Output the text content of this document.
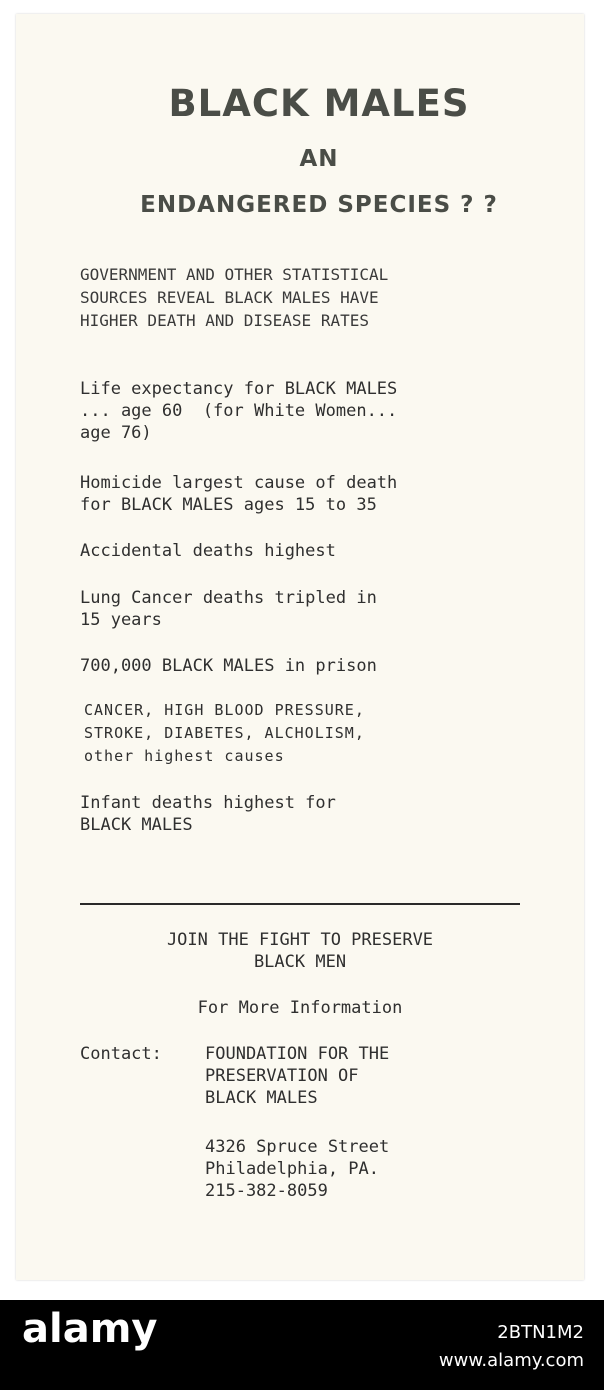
BLACK MALES
AN
ENDANGERED SPECIES ? ?

GOVERNMENT AND OTHER STATISTICAL
SOURCES REVEAL BLACK MALES HAVE
HIGHER DEATH AND DISEASE RATES

Life expectancy for BLACK MALES
... age 60  (for White Women...
age 76)

Homicide largest cause of death
for BLACK MALES ages 15 to 35

Accidental deaths highest

Lung Cancer deaths tripled in
15 years

700,000 BLACK MALES in prison

CANCER, HIGH BLOOD PRESSURE,
STROKE, DIABETES, ALCHOLISM,
other highest causes

Infant deaths highest for
BLACK MALES

JOIN THE FIGHT TO PRESERVE
BLACK MEN

For More Information

Contact:	FOUNDATION FOR THE
PRESERVATION OF
BLACK MALES

4326 Spruce Street
Philadelphia, PA.
215-382-8059

alamy	2BTN1M2
www.alamy.com
